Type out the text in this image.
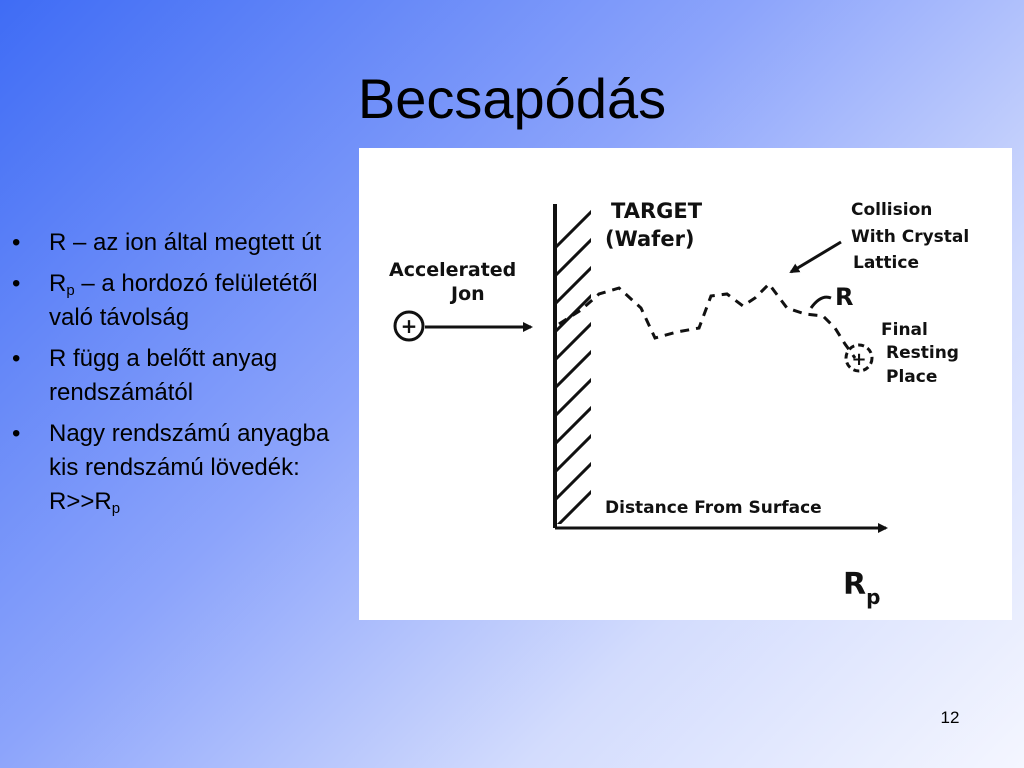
Becsapódás
• R – az ion által megtett út
• $R_p$ – a hordozó felületétől való távolság
• R függ a belőtt anyag rendszámától
• Nagy rendszámú anyagba kis rendszámú lövedék: $R>>R_p$
TARGET
(Wafer)
Accelerated
Jon
+
Collision
With Crystal
Lattice
R
+
Final
Resting
Place
Distance From Surface
$R_p$
12
